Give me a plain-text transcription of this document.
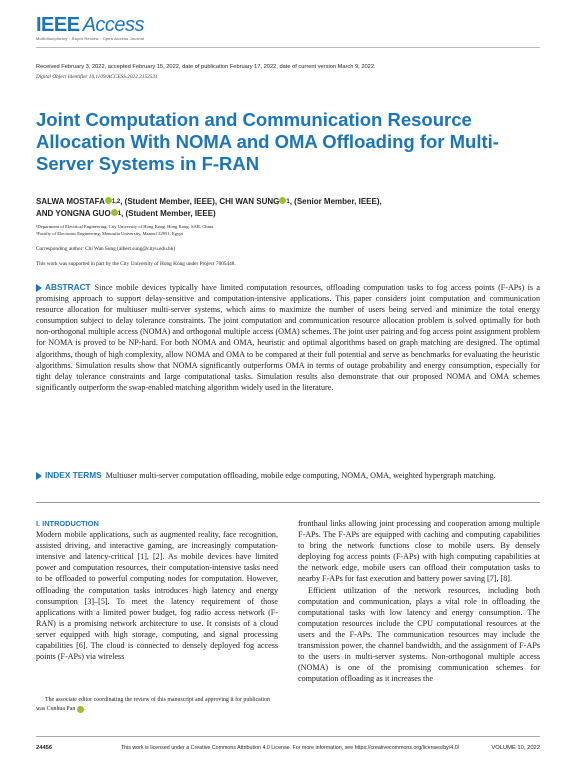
IEEE Access
Multidisciplinary : Rapid Review : Open Access Journal
Received February 3, 2022, accepted February 15, 2022, date of publication February 17, 2022, date of current version March 9, 2022.
Digital Object Identifier 10.1109/ACCESS.2022.3152531
Joint Computation and Communication Resource Allocation With NOMA and OMA Offloading for Multi-Server Systems in F-RAN
SALWA MOSTAFA $^{1,2}$, (Student Member, IEEE), CHI WAN SUNG $^1$, (Senior Member, IEEE),
AND YONGNA GUO $^1$, (Student Member, IEEE)
¹Department of Electrical Engineering, City University of Hong Kong, Hong Kong, SAR, China
²Faculty of Electronic Engineering, Menoufia University, Manouf 32951, Egypt
Corresponding author: Chi Wan Sung (albert.sung@cityu.edu.hk)
This work was supported in part by the City University of Hong Kong under Project 7005448.
ABSTRACT Since mobile devices typically have limited computation resources, offloading computation tasks to fog access points (F-APs) is a promising approach to support delay-sensitive and computation-intensive applications. This paper considers joint computation and communication resource allocation for multiuser multi-server systems, which aims to maximize the number of users being served and minimize the total energy consumption subject to delay tolerance constraints. The joint computation and communication resource allocation problem is solved optimally for both non-orthogonal multiple access (NOMA) and orthogonal multiple access (OMA) schemes. The joint user pairing and fog access point assignment problem for NOMA is proved to be NP-hard. For both NOMA and OMA, heuristic and optimal algorithms based on graph matching are designed. The optimal algorithms, though of high complexity, allow NOMA and OMA to be compared at their full potential and serve as benchmarks for evaluating the heuristic algorithms. Simulation results show that NOMA significantly outperforms OMA in terms of outage probability and energy consumption, especially for tight delay tolerance constraints and large computational tasks. Simulation results also demonstrate that our proposed NOMA and OMA schemes significantly outperform the swap-enabled matching algorithm widely used in the literature.
INDEX TERMS Multiuser multi-server computation offloading, mobile edge computing, NOMA, OMA, weighted hypergraph matching.
I. INTRODUCTION
Modern mobile applications, such as augmented reality, face recognition, assisted driving, and interactive gaming, are increasingly computation-intensive and latency-critical [1], [2]. As mobile devices have limited power and computation resources, their computation-intensive tasks need to be offloaded to powerful computing nodes for computation. However, offloading the computation tasks introduces high latency and energy consumption [3]–[5]. To meet the latency requirement of those applications with a limited power budget, fog radio access network (F-RAN) is a promising network architecture to use. It consists of a cloud server equipped with high storage, computing, and signal processing capabilities [6]. The cloud is connected to densely deployed fog access points (F-APs) via wireless
fronthaul links allowing joint processing and cooperation among multiple F-APs. The F-APs are equipped with caching and computing capabilities to bring the network functions close to mobile users. By densely deploying fog access points (F-APs) with high computing capabilities at the network edge, mobile users can offload their computation tasks to nearby F-APs for fast execution and battery power saving [7], [8].
Efficient utilization of the network resources, including both computation and communication, plays a vital role in offloading the computational tasks with low latency and energy consumption. The computation resources include the CPU computational resources at the users and the F-APs. The communication resources may include the transmission power, the channel bandwidth, and the assignment of F-APs to the users in multi-server systems. Non-orthogonal multiple access (NOMA) is one of the promising communication schemes for computation offloading as it increases the
The associate editor coordinating the review of this manuscript and approving it for publication was Cunhua Pan .
24456	This work is licensed under a Creative Commons Attribution 4.0 License. For more information, see https://creativecommons.org/licenses/by/4.0/	VOLUME 10, 2022
